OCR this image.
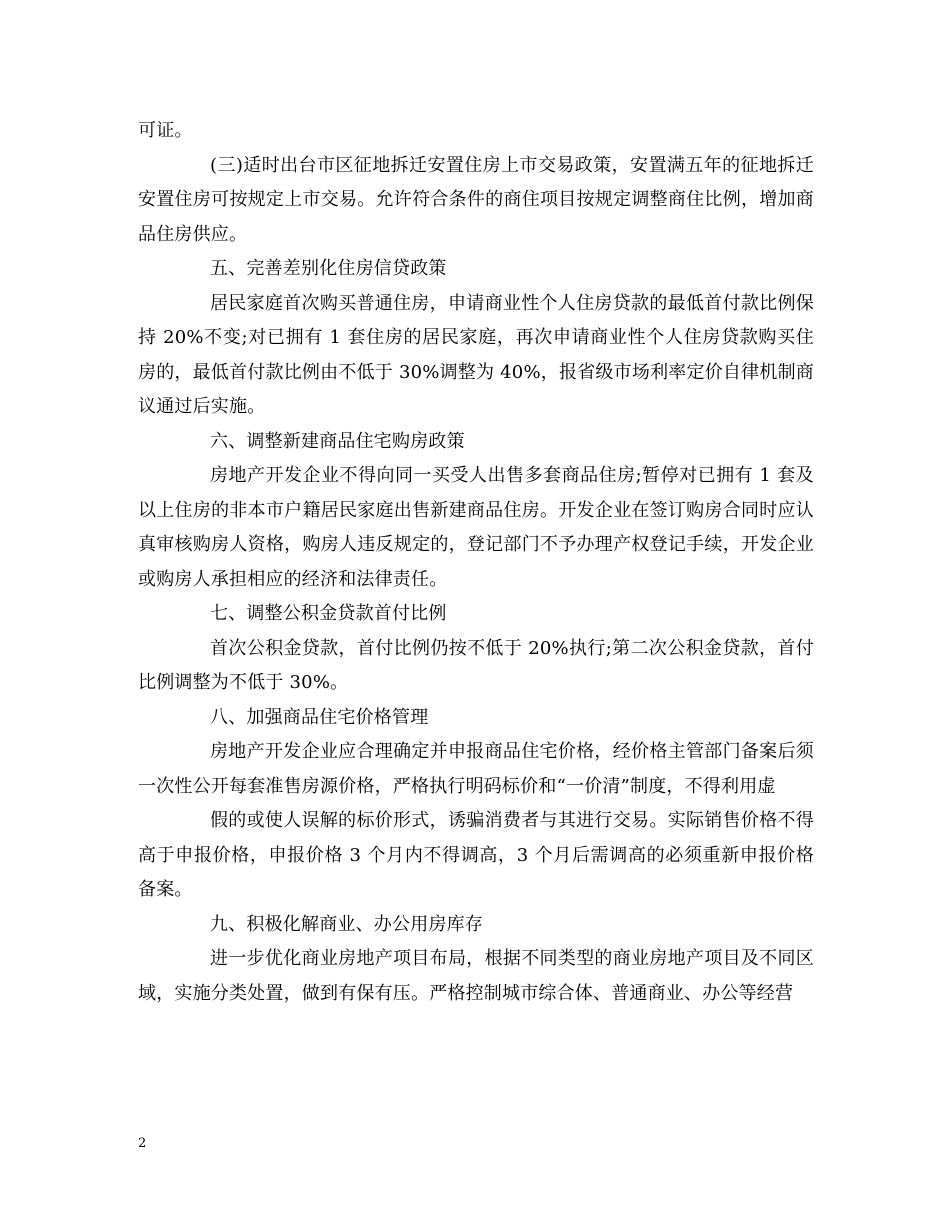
可证。

(三)适时出台市区征地拆迁安置住房上市交易政策，安置满五年的征地拆迁安置住房可按规定上市交易。允许符合条件的商住项目按规定调整商住比例，增加商品住房供应。

五、完善差别化住房信贷政策

居民家庭首次购买普通住房，申请商业性个人住房贷款的最低首付款比例保持 20%不变;对已拥有 1 套住房的居民家庭，再次申请商业性个人住房贷款购买住房的，最低首付款比例由不低于 30%调整为 40%，报省级市场利率定价自律机制商议通过后实施。

六、调整新建商品住宅购房政策

房地产开发企业不得向同一买受人出售多套商品住房;暂停对已拥有 1 套及以上住房的非本市户籍居民家庭出售新建商品住房。开发企业在签订购房合同时应认真审核购房人资格，购房人违反规定的，登记部门不予办理产权登记手续，开发企业或购房人承担相应的经济和法律责任。

七、调整公积金贷款首付比例

首次公积金贷款，首付比例仍按不低于 20%执行;第二次公积金贷款，首付比例调整为不低于 30%。

八、加强商品住宅价格管理

房地产开发企业应合理确定并申报商品住宅价格，经价格主管部门备案后须一次性公开每套准售房源价格，严格执行明码标价和“一价清”制度，不得利用虚

假的或使人误解的标价形式，诱骗消费者与其进行交易。实际销售价格不得高于申报价格，申报价格 3 个月内不得调高，3 个月后需调高的必须重新申报价格备案。

九、积极化解商业、办公用房库存

进一步优化商业房地产项目布局，根据不同类型的商业房地产项目及不同区域，实施分类处置，做到有保有压。严格控制城市综合体、普通商业、办公等经营

2
